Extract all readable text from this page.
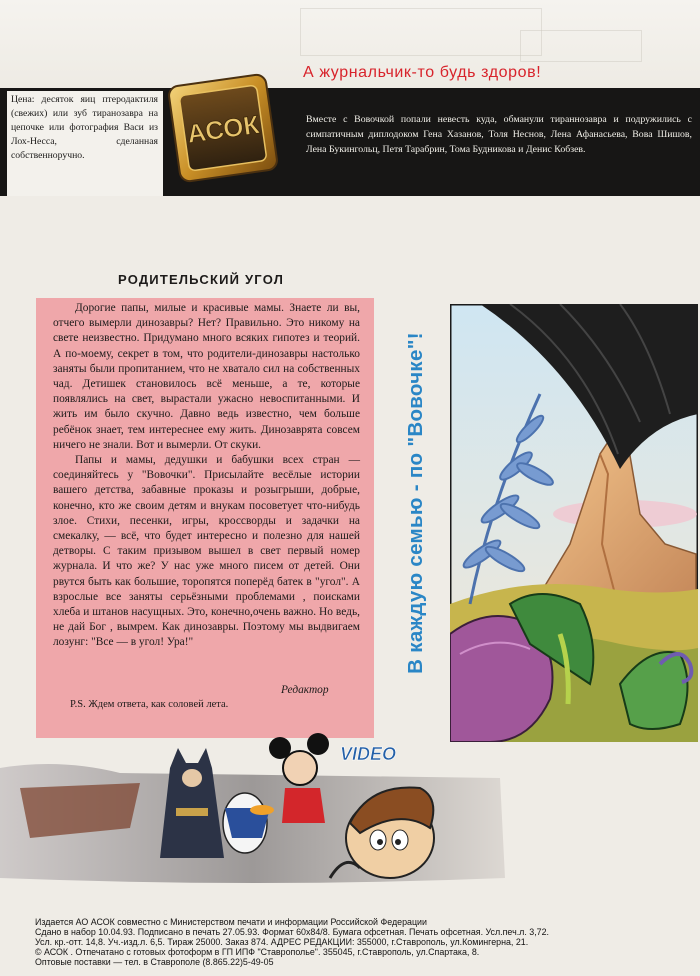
А журнальчик-то будь здоров!
Цена: десяток яиц птеродактиля (свежих) или зуб тиранозавра на цепочке или фотография Васи из Лох-Несса, сделанная собственноручно.
АСОК	Вместе с Вовочкой попали невесть куда, обманули тираннозавра и подружились с симпатичным диплодоком Гена Хазанов, Толя Неснов, Лена Афанасьева, Вова Шишов, Лена Букингольц, Петя Тарабрин, Тома Будникова и Денис Кобзев.
РОДИТЕЛЬСКИЙ УГОЛ

Дорогие папы, милые и красивые мамы. Знаете ли вы, отчего вымерли динозавры? Нет? Правильно. Это никому на свете неизвестно. Придумано много всяких гипотез и теорий. А по-моему, секрет в том, что родители-динозавры настолько заняты были пропитанием, что не хватало сил на собственных чад. Детишек становилось всё меньше, а те, которые появлялись на свет, вырастали ужасно невоспитанными. И жить им было скучно. Давно ведь известно, чем больше ребёнок знает, тем интереснее ему жить. Динозаврята совсем ничего не знали. Вот и вымерли. От скуки.

Папы и мамы, дедушки и бабушки всех стран — соединяйтесь у "Вовочки". Присылайте весёлые истории вашего детства, забавные проказы и розыгрыши, добрые, конечно, кто же своим детям и внукам посоветует что-нибудь злое. Стихи, песенки, игры, кроссворды и задачки на смекалку, — всё, что будет интересно и полезно для нашей детворы. С таким призывом вышел в свет первый номер журнала. И что же? У нас уже много писем от детей. Они рвутся быть как большие, торопятся поперёд батек в "угол". А взрослые все заняты серьёзными проблемами , поисками хлеба и штанов насущных. Это, конечно,очень важно. Но ведь, не дай Бог , вымрем. Как динозавры. Поэтому мы выдвигаем лозунг: "Все — в угол! Ура!"

Редактор
P.S. Ждем ответа, как соловей лета.
В каждую семью - по "Вовочке"!
VIDEO
Издается АО АСОК совместно с Министерством печати и информации Российской Федерации
Сдано в набор 10.04.93. Подписано в печать 27.05.93. Формат 60х84/8. Бумага офсетная. Печать офсетная. Усл.печ.л. 3,72.
Усл. кр.-отт. 14,8. Уч.-изд.л. 6,5. Тираж 25000. Заказ 874. АДРЕС РЕДАКЦИИ: 355000, г.Ставрополь, ул.Комингерна, 21.
© АСОК . Отпечатано с готовых фотоформ в ГП ИПФ "Ставрополье". 355045, г.Ставрополь, ул.Спартака, 8.
Оптовые поставки — тел. в Ставрополе (8.865.22)5-49-05
